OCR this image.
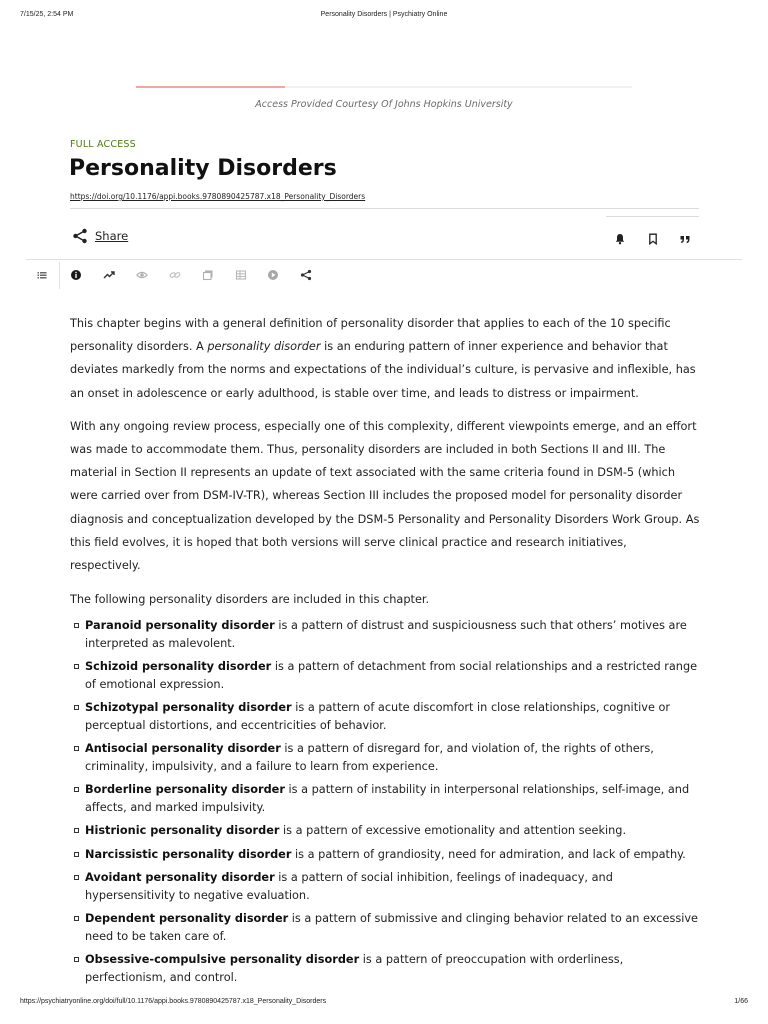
7/15/25, 2:54 PM	Personality Disorders | Psychiatry Online
Access Provided Courtesy Of Johns Hopkins University
FULL ACCESS
Personality Disorders
https://doi.org/10.1176/appi.books.9780890425787.x18_Personality_Disorders
Share

This chapter begins with a general definition of personality disorder that applies to each of the 10 specific personality disorders. A personality disorder is an enduring pattern of inner experience and behavior that deviates markedly from the norms and expectations of the individual’s culture, is pervasive and inflexible, has an onset in adolescence or early adulthood, is stable over time, and leads to distress or impairment.

With any ongoing review process, especially one of this complexity, different viewpoints emerge, and an effort was made to accommodate them. Thus, personality disorders are included in both Sections II and III. The material in Section II represents an update of text associated with the same criteria found in DSM-5 (which were carried over from DSM-IV-TR), whereas Section III includes the proposed model for personality disorder diagnosis and conceptualization developed by the DSM-5 Personality and Personality Disorders Work Group. As this field evolves, it is hoped that both versions will serve clinical practice and research initiatives, respectively.

The following personality disorders are included in this chapter.

Paranoid personality disorder is a pattern of distrust and suspiciousness such that others’ motives are interpreted as malevolent.
Schizoid personality disorder is a pattern of detachment from social relationships and a restricted range of emotional expression.
Schizotypal personality disorder is a pattern of acute discomfort in close relationships, cognitive or perceptual distortions, and eccentricities of behavior.
Antisocial personality disorder is a pattern of disregard for, and violation of, the rights of others, criminality, impulsivity, and a failure to learn from experience.
Borderline personality disorder is a pattern of instability in interpersonal relationships, self-image, and affects, and marked impulsivity.
Histrionic personality disorder is a pattern of excessive emotionality and attention seeking.
Narcissistic personality disorder is a pattern of grandiosity, need for admiration, and lack of empathy.
Avoidant personality disorder is a pattern of social inhibition, feelings of inadequacy, and hypersensitivity to negative evaluation.
Dependent personality disorder is a pattern of submissive and clinging behavior related to an excessive need to be taken care of.
Obsessive-compulsive personality disorder is a pattern of preoccupation with orderliness, perfectionism, and control.
https://psychiatryonline.org/doi/full/10.1176/appi.books.9780890425787.x18_Personality_Disorders	1/66
